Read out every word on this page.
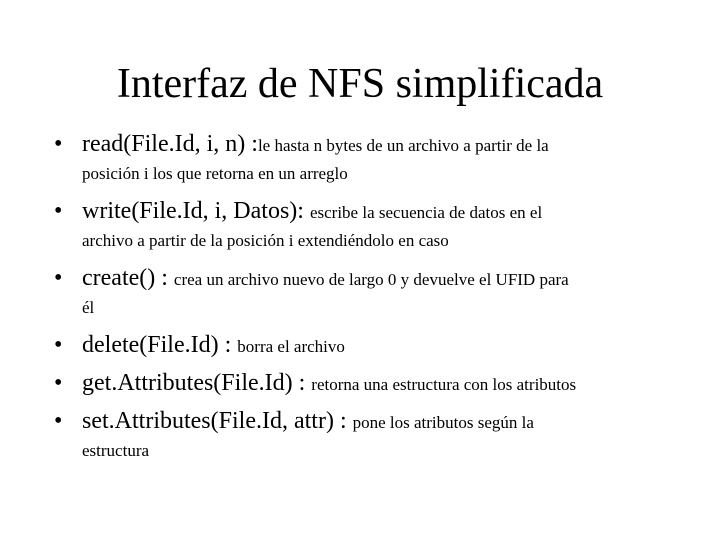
Interfaz de NFS simplificada
• read(File.Id, i, n) :le hasta n bytes de un archivo a partir de la
posición i los que retorna en un arreglo
• write(File.Id, i, Datos): escribe la secuencia de datos en el
archivo a partir de la posición i extendiéndolo en caso
• create() : crea un archivo nuevo de largo 0 y devuelve el UFID para
él
• delete(File.Id) : borra el archivo
• get.Attributes(File.Id) : retorna una estructura con los atributos
• set.Attributes(File.Id, attr) : pone los atributos según la
estructura
